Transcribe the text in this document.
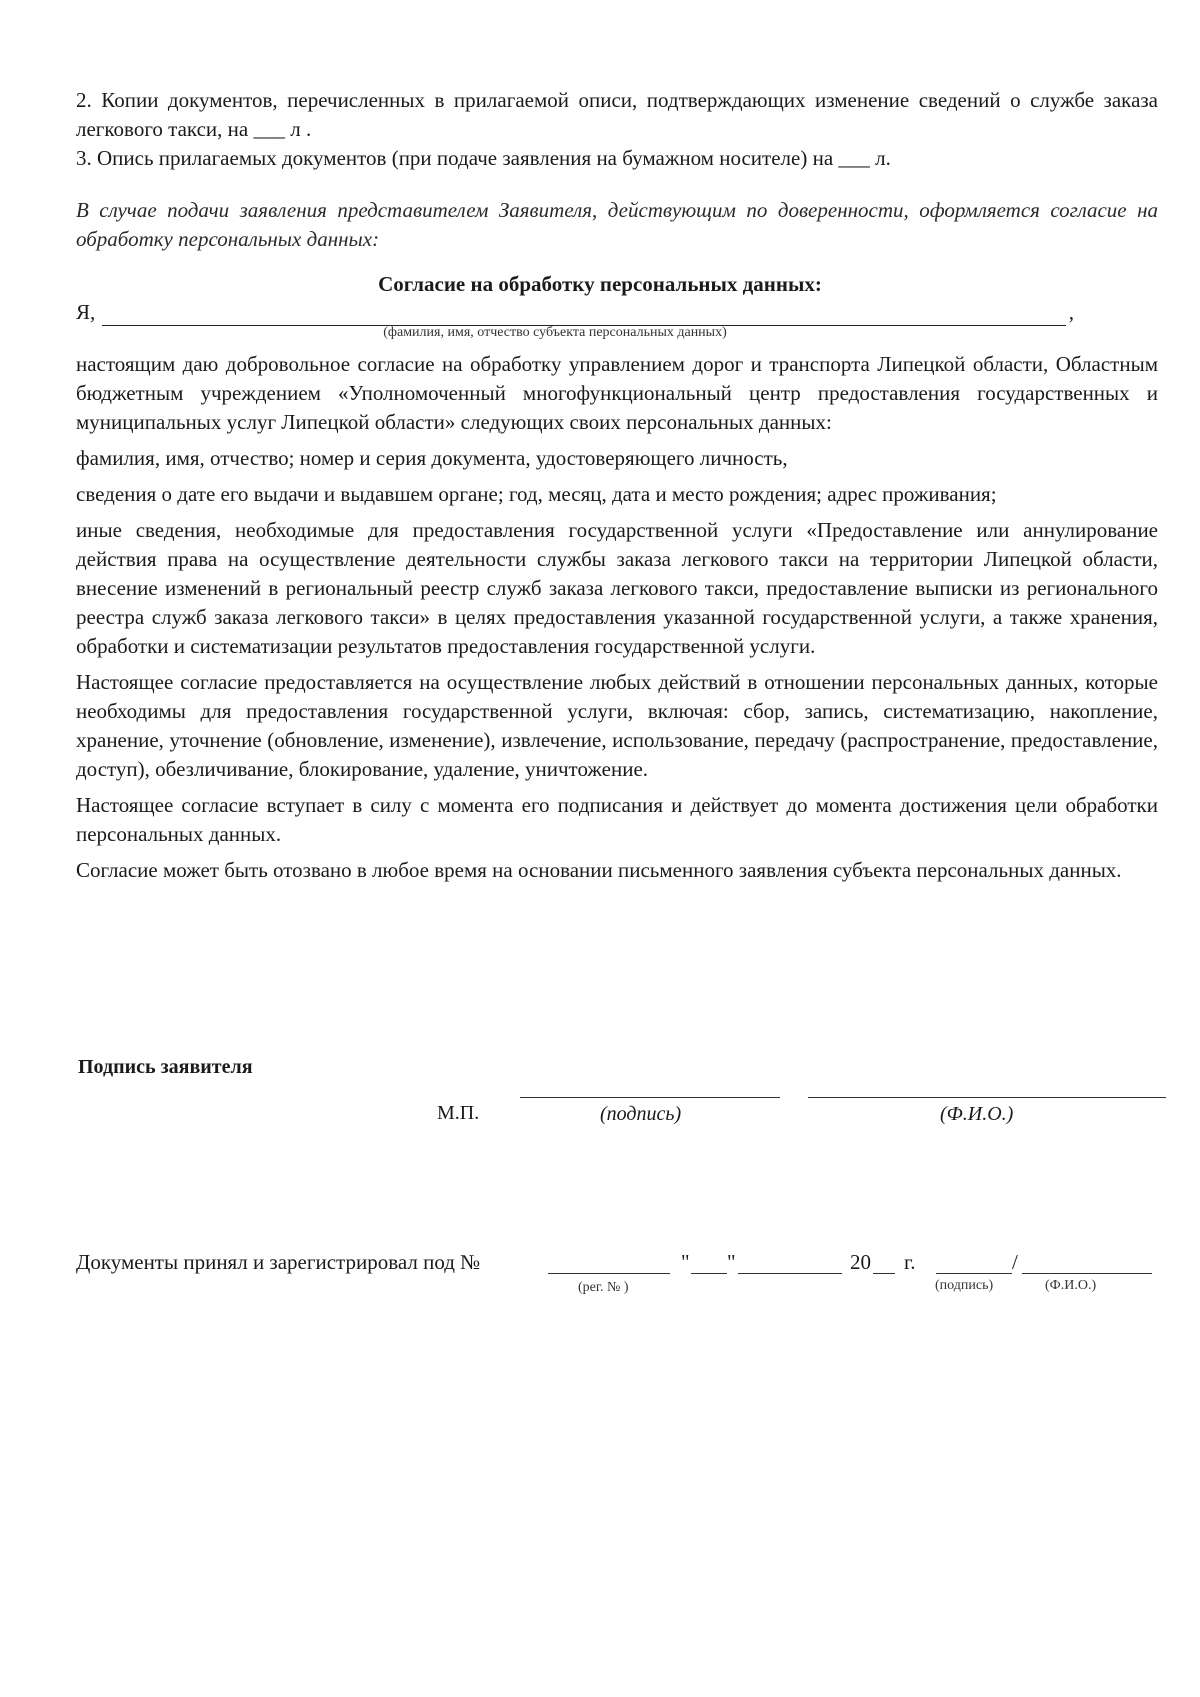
2. Копии документов, перечисленных в прилагаемой описи, подтверждающих изменение сведений о службе заказа легкового такси, на ___ л .

3. Опись прилагаемых документов (при подаче заявления на бумажном носителе) на ___ л.

В случае подачи заявления представителем Заявителя, действующим по доверенности, оформляется согласие на обработку персональных данных:
Согласие на обработку персональных данных:
Я,	,
(фамилия, имя, отчество субъекта персональных данных)

настоящим даю добровольное согласие на обработку управлением дорог и транспорта Липецкой области, Областным бюджетным учреждением «Уполномоченный многофункциональный центр предоставления государственных и муниципальных услуг Липецкой области» следующих своих персональных данных:

фамилия, имя, отчество; номер и серия документа, удостоверяющего личность,

сведения о дате его выдачи и выдавшем органе; год, месяц, дата и место рождения; адрес проживания;

иные сведения, необходимые для предоставления государственной услуги «Предоставление или аннулирование действия права на осуществление деятельности службы заказа легкового такси на территории Липецкой области, внесение изменений в региональный реестр служб заказа легкового такси, предоставление выписки из регионального реестра служб заказа легкового такси» в целях предоставления указанной государственной услуги, а также хранения, обработки и систематизации результатов предоставления государственной услуги.

Настоящее согласие предоставляется на осуществление любых действий в отношении персональных данных, которые необходимы для предоставления государственной услуги, включая: сбор, запись, систематизацию, накопление, хранение, уточнение (обновление, изменение), извлечение, использование, передачу (распространение, предоставление, доступ), обезличивание, блокирование, удаление, уничтожение.

Настоящее согласие вступает в силу с момента его подписания и действует до момента достижения цели обработки персональных данных.

Согласие может быть отозвано в любое время на основании письменного заявления субъекта персональных данных.

Подпись заявителя
М.П.	(подпись)	(Ф.И.О.)
Документы принял и зарегистрировал под №	" "	20 г.	/
(рег. № )	(подпись)	(Ф.И.О.)
